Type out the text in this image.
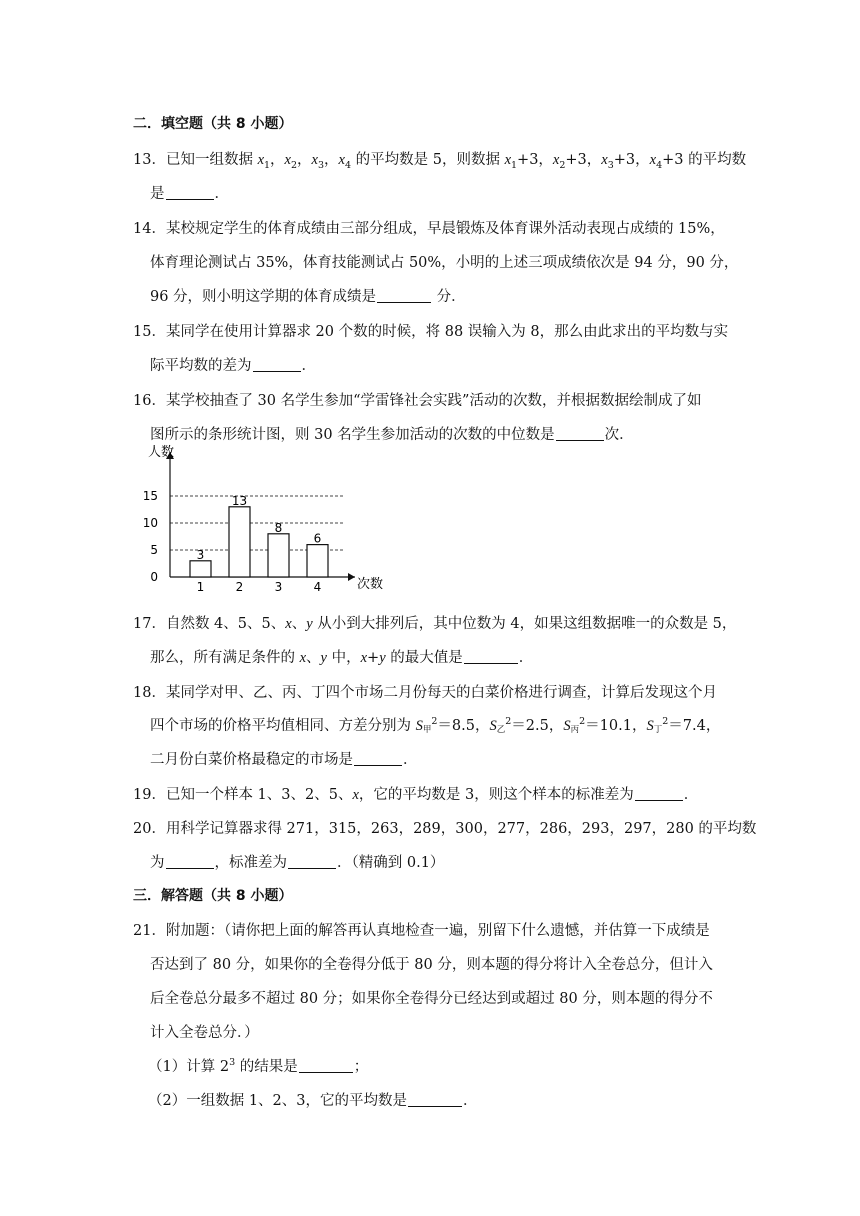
二．填空题（共 8 小题）
13．已知一组数据 $x_1$，$x_2$，$x_3$，$x_4$ 的平均数是 5，则数据 $x_1+3$，$x_2+3$，$x_3+3$，$x_4+3$ 的平均数
是	．
14．某校规定学生的体育成绩由三部分组成，早晨锻炼及体育课外活动表现占成绩的 15%，
体育理论测试占 35%，体育技能测试占 50%，小明的上述三项成绩依次是 94 分，90 分，
96 分，则小明这学期的体育成绩是	分．
15．某同学在使用计算器求 20 个数的时候，将 88 误输入为 8，那么由此求出的平均数与实
际平均数的差为	．
16．某学校抽查了 30 名学生参加“学雷锋社会实践”活动的次数，并根据数据绘制成了如
图所示的条形统计图，则 30 名学生参加活动的次数的中位数是	次．
人数
次数
0
5
10
15
3
1
13
2
8
3
6
4
17．自然数 4、5、5、x、y 从小到大排列后，其中位数为 4，如果这组数据唯一的众数是 5，
那么，所有满足条件的 x、y 中，x+y 的最大值是	．
18．某同学对甲、乙、丙、丁四个市场二月份每天的白菜价格进行调查，计算后发现这个月
四个市场的价格平均值相同、方差分别为 S甲$^2$＝8.5，S乙$^2$＝2.5，S丙$^2$＝10.1，S丁$^2$＝7.4，
二月份白菜价格最稳定的市场是	．
19．已知一个样本 1、3、2、5、x，它的平均数是 3，则这个样本的标准差为	．
20．用科学记算器求得 271，315，263，289，300，277，286，293，297，280 的平均数
为	，标准差为	．（精确到 0.1）
三．解答题（共 8 小题）
21．附加题：（请你把上面的解答再认真地检查一遍，别留下什么遗憾，并估算一下成绩是
否达到了 80 分，如果你的全卷得分低于 80 分，则本题的得分将计入全卷总分，但计入
后全卷总分最多不超过 80 分；如果你全卷得分已经达到或超过 80 分，则本题的得分不
计入全卷总分．）
（1）计算 $2^3$ 的结果是	；
（2）一组数据 1、2、3，它的平均数是	．
